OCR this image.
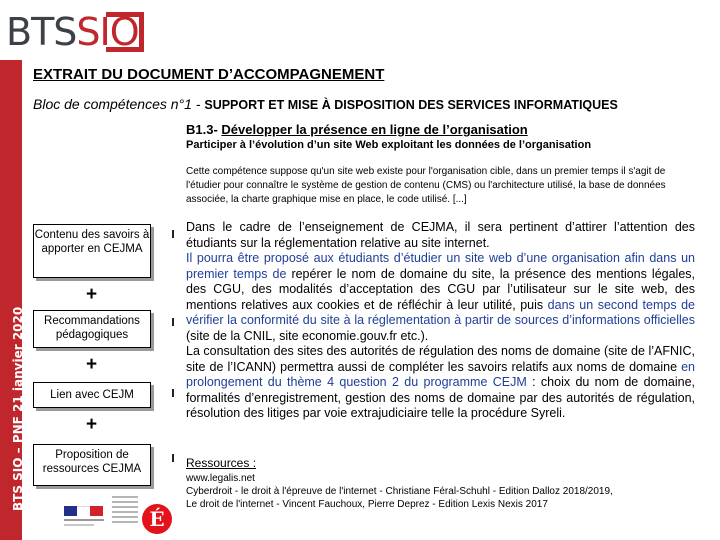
BTSSIO
BTS SIO – PNF 21 janvier 2020
EXTRAIT DU DOCUMENT D’ACCOMPAGNEMENT
Bloc de compétences n°1 - SUPPORT ET MISE À DISPOSITION DES SERVICES INFORMATIQUES
B1.3- Développer la présence en ligne de l’organisation
Participer à l’évolution d’un site Web exploitant les données de l’organisation
Cette compétence suppose qu'un site web existe pour l'organisation cible, dans un premier temps il s'agit de l'étudier pour connaître le système de gestion de contenu (CMS) ou l'architecture utilisé, la base de données associée, la charte graphique mise en place, le code utilisé. [...]
Contenu des savoirs à apporter en CEJMA
+
Recommandations pédagogiques
+
Lien avec CEJM
+
Proposition de ressources CEJMA

Dans le cadre de l’enseignement de CEJMA, il sera pertinent d’attirer l’attention des étudiants sur la réglementation relative au site internet.

Il pourra être proposé aux étudiants d’étudier un site web d’une organisation afin dans un premier temps de repérer le nom de domaine du site, la présence des mentions légales, des CGU, des modalités d’acceptation des CGU par l’utilisateur sur le site web, des mentions relatives aux cookies et de réfléchir à leur utilité, puis dans un second temps de vérifier la conformité du site à la réglementation à partir de sources d’informations officielles (site de la CNIL, site economie.gouv.fr etc.).

La consultation des sites des autorités de régulation des noms de domaine (site de l’AFNIC, site de l’ICANN) permettra aussi de compléter les savoirs relatifs aux noms de domaine en prolongement du thème 4 question 2 du programme CEJM : choix du nom de domaine, formalités d’enregistrement, gestion des noms de domaine par des autorités de régulation, résolution des litiges par voie extrajudiciaire telle la procédure Syreli.

Ressources :
www.legalis.net
Cyberdroit - le droit à l'épreuve de l'internet - Christiane Féral-Schuhl - Edition Dalloz 2018/2019,
Le droit de l'internet - Vincent Fauchoux, Pierre Deprez - Edition Lexis Nexis 2017
É
